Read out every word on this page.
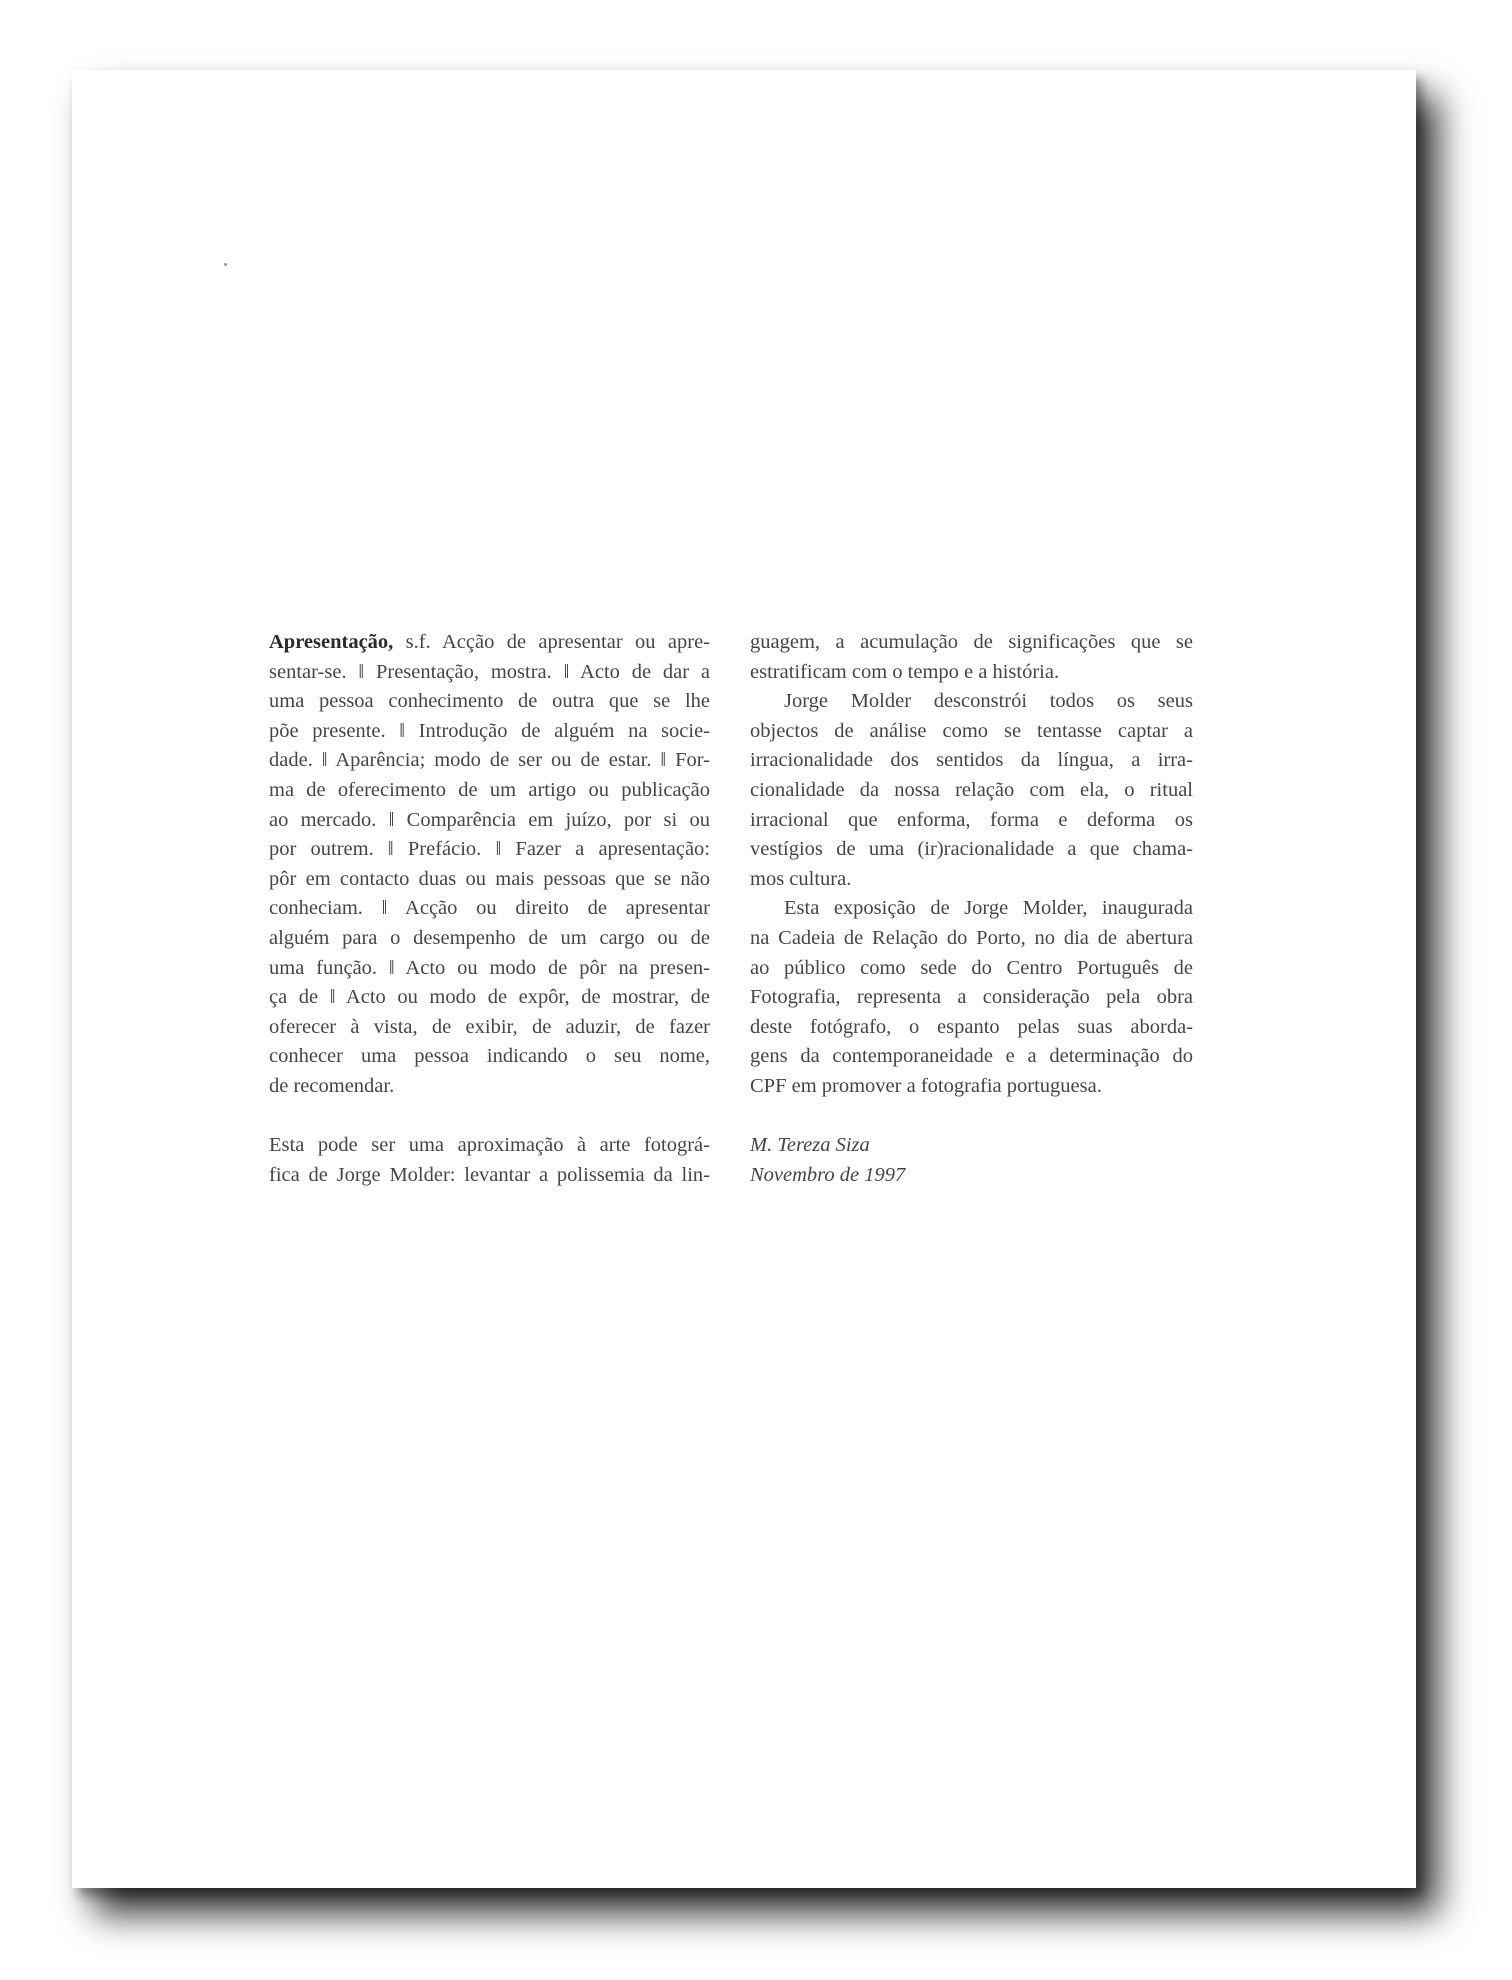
Apresentação, s.f. Acção de apresentar ou apre-
sentar-se. ‖ Presentação, mostra. ‖ Acto de dar a
uma pessoa conhecimento de outra que se lhe
põe presente. ‖ Introdução de alguém na socie-
dade. ‖ Aparência; modo de ser ou de estar. ‖ For-
ma de oferecimento de um artigo ou publicação
ao mercado. ‖ Comparência em juízo, por si ou
por outrem. ‖ Prefácio. ‖ Fazer a apresentação:
pôr em contacto duas ou mais pessoas que se não
conheciam. ‖ Acção ou direito de apresentar
alguém para o desempenho de um cargo ou de
uma função. ‖ Acto ou modo de pôr na presen-
ça de ‖ Acto ou modo de expôr, de mostrar, de
oferecer à vista, de exibir, de aduzir, de fazer
conhecer uma pessoa indicando o seu nome,
de recomendar.
Esta pode ser uma aproximação à arte fotográ-
fica de Jorge Molder: levantar a polissemia da lin-
guagem, a acumulação de significações que se
estratificam com o tempo e a história.
Jorge Molder desconstrói todos os seus
objectos de análise como se tentasse captar a
irracionalidade dos sentidos da língua, a irra-
cionalidade da nossa relação com ela, o ritual
irracional que enforma, forma e deforma os
vestígios de uma (ir)racionalidade a que chama-
mos cultura.
Esta exposição de Jorge Molder, inaugurada
na Cadeia de Relação do Porto, no dia de abertura
ao público como sede do Centro Português de
Fotografia, representa a consideração pela obra
deste fotógrafo, o espanto pelas suas aborda-
gens da contemporaneidade e a determinação do
CPF em promover a fotografia portuguesa.
M. Tereza Siza
Novembro de 1997
